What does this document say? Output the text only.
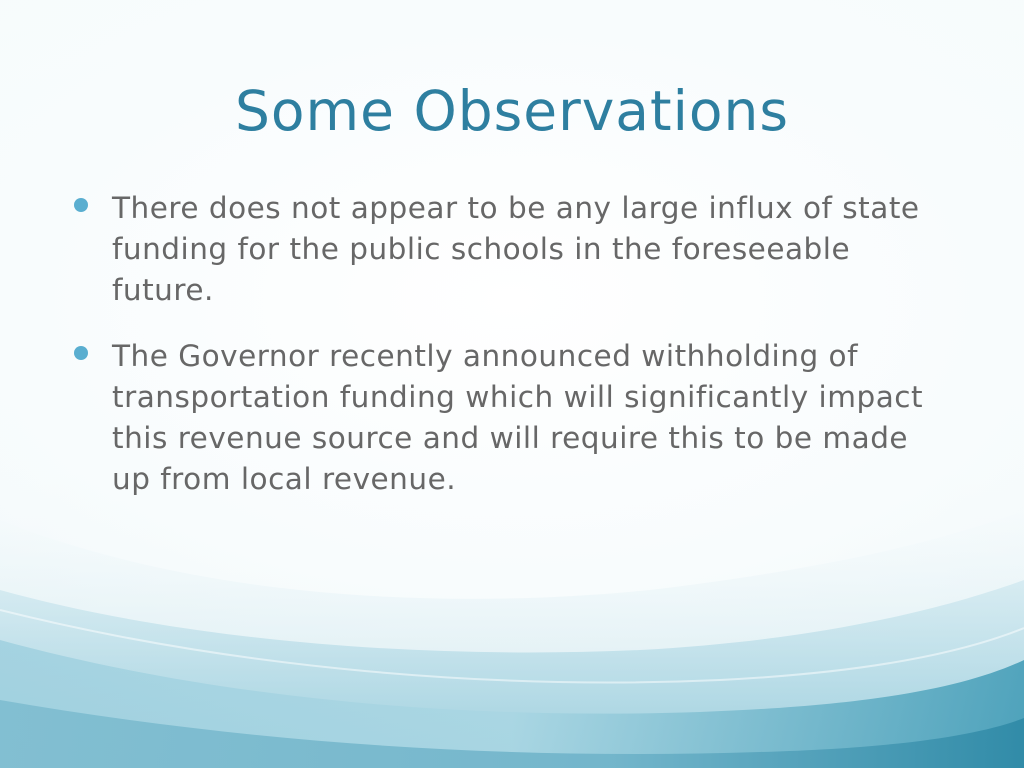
Some Observations
There does not appear to be any large influx of state funding for the public schools in the foreseeable future.
The Governor recently announced withholding of transportation funding which will significantly impact this revenue source and will require this to be made up from local revenue.
